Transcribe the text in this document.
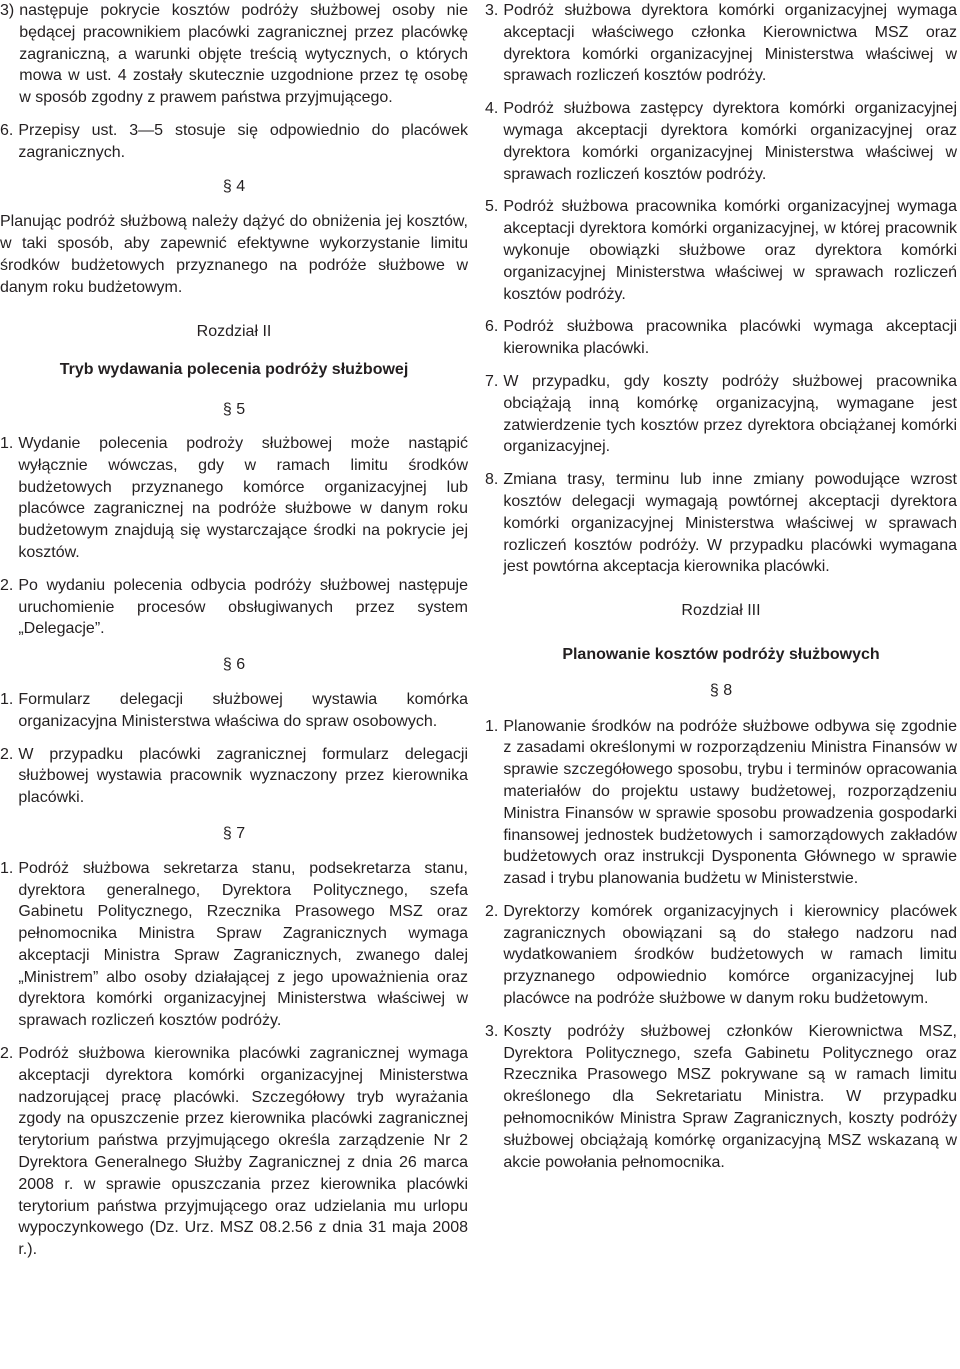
3) następuje pokrycie kosztów podróży służbowej osoby nie będącej pracownikiem placówki zagranicznej przez placówkę zagraniczną, a warunki objęte treścią wytycznych, o których mowa w ust. 4 zostały skutecznie uzgodnione przez tę osobę w sposób zgodny z prawem państwa przyjmującego.
6. Przepisy ust. 3—5 stosuje się odpowiednio do placówek zagranicznych.

§ 4

Planując podróż służbową należy dążyć do obniżenia jej kosztów, w taki sposób, aby zapewnić efektywne wykorzystanie limitu środków budżetowych przyznanego na podróże służbowe w danym roku budżetowym.

Rozdział II

Tryb wydawania polecenia podróży służbowej

§ 5

1. Wydanie polecenia podroży służbowej może nastąpić wyłącznie wówczas, gdy w ramach limitu środków budżetowych przyznanego komórce organizacyjnej lub placówce zagranicznej na podróże służbowe w danym roku budżetowym znajdują się wystarczające środki na pokrycie jej kosztów.
2. Po wydaniu polecenia odbycia podróży służbowej następuje uruchomienie procesów obsługiwanych przez system „Delegacje”.

§ 6

1. Formularz delegacji służbowej wystawia komórka organizacyjna Ministerstwa właściwa do spraw osobowych.
2. W przypadku placówki zagranicznej formularz delegacji służbowej wystawia pracownik wyznaczony przez kierownika placówki.

§ 7

1. Podróż służbowa sekretarza stanu, podsekretarza stanu, dyrektora generalnego, Dyrektora Politycznego, szefa Gabinetu Politycznego, Rzecznika Prasowego MSZ oraz pełnomocnika Ministra Spraw Zagranicznych wymaga akceptacji Ministra Spraw Zagranicznych, zwanego dalej „Ministrem” albo osoby działającej z jego upoważnienia oraz dyrektora komórki organizacyjnej Ministerstwa właściwej w sprawach rozliczeń kosztów podróży.
2. Podróż służbowa kierownika placówki zagranicznej wymaga akceptacji dyrektora komórki organizacyjnej Ministerstwa nadzorującej pracę placówki. Szczegółowy tryb wyrażania zgody na opuszczenie przez kierownika placówki zagranicznej terytorium państwa przyjmującego określa zarządzenie Nr 2 Dyrektora Generalnego Służby Zagranicznej z dnia 26 marca 2008 r. w sprawie opuszczania przez kierownika placówki terytorium państwa przyjmującego oraz udzielania mu urlopu wypoczynkowego (Dz. Urz. MSZ 08.2.56 z dnia 31 maja 2008 r.).
3. Podróż służbowa dyrektora komórki organizacyjnej wymaga akceptacji właściwego członka Kierownictwa MSZ oraz dyrektora komórki organizacyjnej Ministerstwa właściwej w sprawach rozliczeń kosztów podróży.
4. Podróż służbowa zastępcy dyrektora komórki organizacyjnej wymaga akceptacji dyrektora komórki organizacyjnej oraz dyrektora komórki organizacyjnej Ministerstwa właściwej w sprawach rozliczeń kosztów podróży.
5. Podróż służbowa pracownika komórki organizacyjnej wymaga akceptacji dyrektora komórki organizacyjnej, w której pracownik wykonuje obowiązki służbowe oraz dyrektora komórki organizacyjnej Ministerstwa właściwej w sprawach rozliczeń kosztów podróży.
6. Podróż służbowa pracownika placówki wymaga akceptacji kierownika placówki.
7. W przypadku, gdy koszty podróży służbowej pracownika obciążają inną komórkę organizacyjną, wymagane jest zatwierdzenie tych kosztów przez dyrektora obciążanej komórki organizacyjnej.
8. Zmiana trasy, terminu lub inne zmiany powodujące wzrost kosztów delegacji wymagają powtórnej akceptacji dyrektora komórki organizacyjnej Ministerstwa właściwej w sprawach rozliczeń kosztów podróży. W przypadku placówki wymagana jest powtórna akceptacja kierownika placówki.

Rozdział III

Planowanie kosztów podróży służbowych

§ 8

1. Planowanie środków na podróże służbowe odbywa się zgodnie z zasadami określonymi w rozporządzeniu Ministra Finansów w sprawie szczegółowego sposobu, trybu i terminów opracowania materiałów do projektu ustawy budżetowej, rozporządzeniu Ministra Finansów w sprawie sposobu prowadzenia gospodarki finansowej jednostek budżetowych i samorządowych zakładów budżetowych oraz instrukcji Dysponenta Głównego w sprawie zasad i trybu planowania budżetu w Ministerstwie.
2. Dyrektorzy komórek organizacyjnych i kierownicy placówek zagranicznych obowiązani są do stałego nadzoru nad wydatkowaniem środków budżetowych w ramach limitu przyznanego odpowiednio komórce organizacyjnej lub placówce na podróże służbowe w danym roku budżetowym.
3. Koszty podróży służbowej członków Kierownictwa MSZ, Dyrektora Politycznego, szefa Gabinetu Politycznego oraz Rzecznika Prasowego MSZ pokrywane są w ramach limitu określonego dla Sekretariatu Ministra. W przypadku pełnomocników Ministra Spraw Zagranicznych, koszty podróży służbowej obciążają komórkę organizacyjną MSZ wskazaną w akcie powołania pełnomocnika.
